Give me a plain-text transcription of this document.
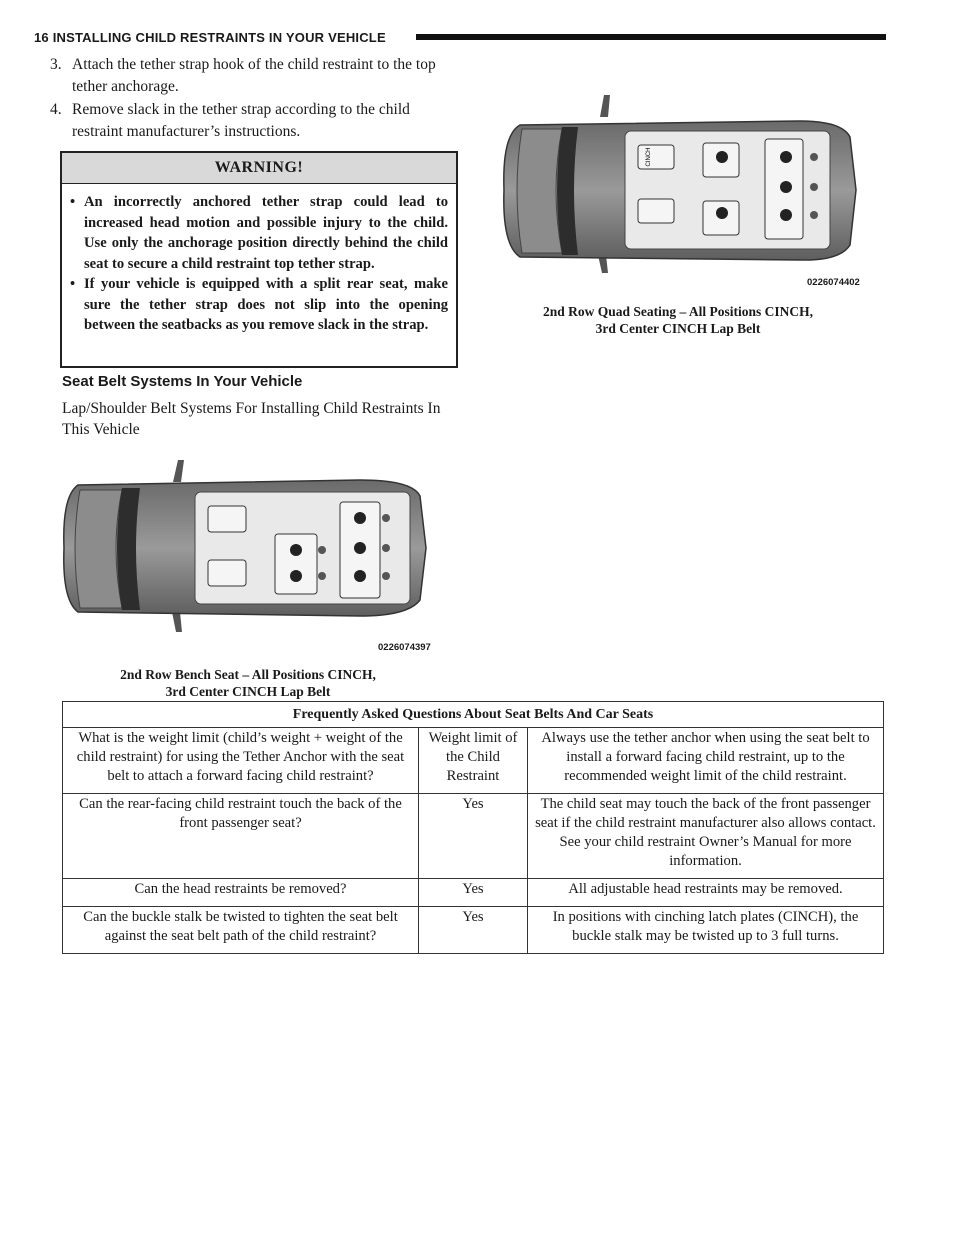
16 INSTALLING CHILD RESTRAINTS IN YOUR VEHICLE
3. Attach the tether strap hook of the child restraint to the top tether anchorage.
4. Remove slack in the tether strap according to the child restraint manufacturer’s instructions.
WARNING!
• An incorrectly anchored tether strap could lead to increased head motion and possible injury to the child. Use only the anchorage position directly behind the child seat to secure a child restraint top tether strap.
• If your vehicle is equipped with a split rear seat, make sure the tether strap does not slip into the opening between the seatbacks as you remove slack in the strap.
Seat Belt Systems In Your Vehicle
Lap/Shoulder Belt Systems For Installing Child Restraints In This Vehicle
CINCH
0226074402
2nd Row Quad Seating – All Positions CINCH,
3rd Center CINCH Lap Belt
0226074397
2nd Row Bench Seat – All Positions CINCH,
3rd Center CINCH Lap Belt
Frequently Asked Questions About Seat Belts And Car Seats		
What is the weight limit (child’s weight + weight of the child restraint) for using the Tether Anchor with the seat belt to attach a forward facing child restraint?	Weight limit of the Child Restraint	Always use the tether anchor when using the seat belt to install a forward facing child restraint, up to the recommended weight limit of the child restraint.
Can the rear-facing child restraint touch the back of the front passenger seat?	Yes	The child seat may touch the back of the front passenger seat if the child restraint manufacturer also allows contact. See your child restraint Owner’s Manual for more information.
Can the head restraints be removed?	Yes	All adjustable head restraints may be removed.
Can the buckle stalk be twisted to tighten the seat belt against the seat belt path of the child restraint?	Yes	In positions with cinching latch plates (CINCH), the buckle stalk may be twisted up to 3 full turns.
